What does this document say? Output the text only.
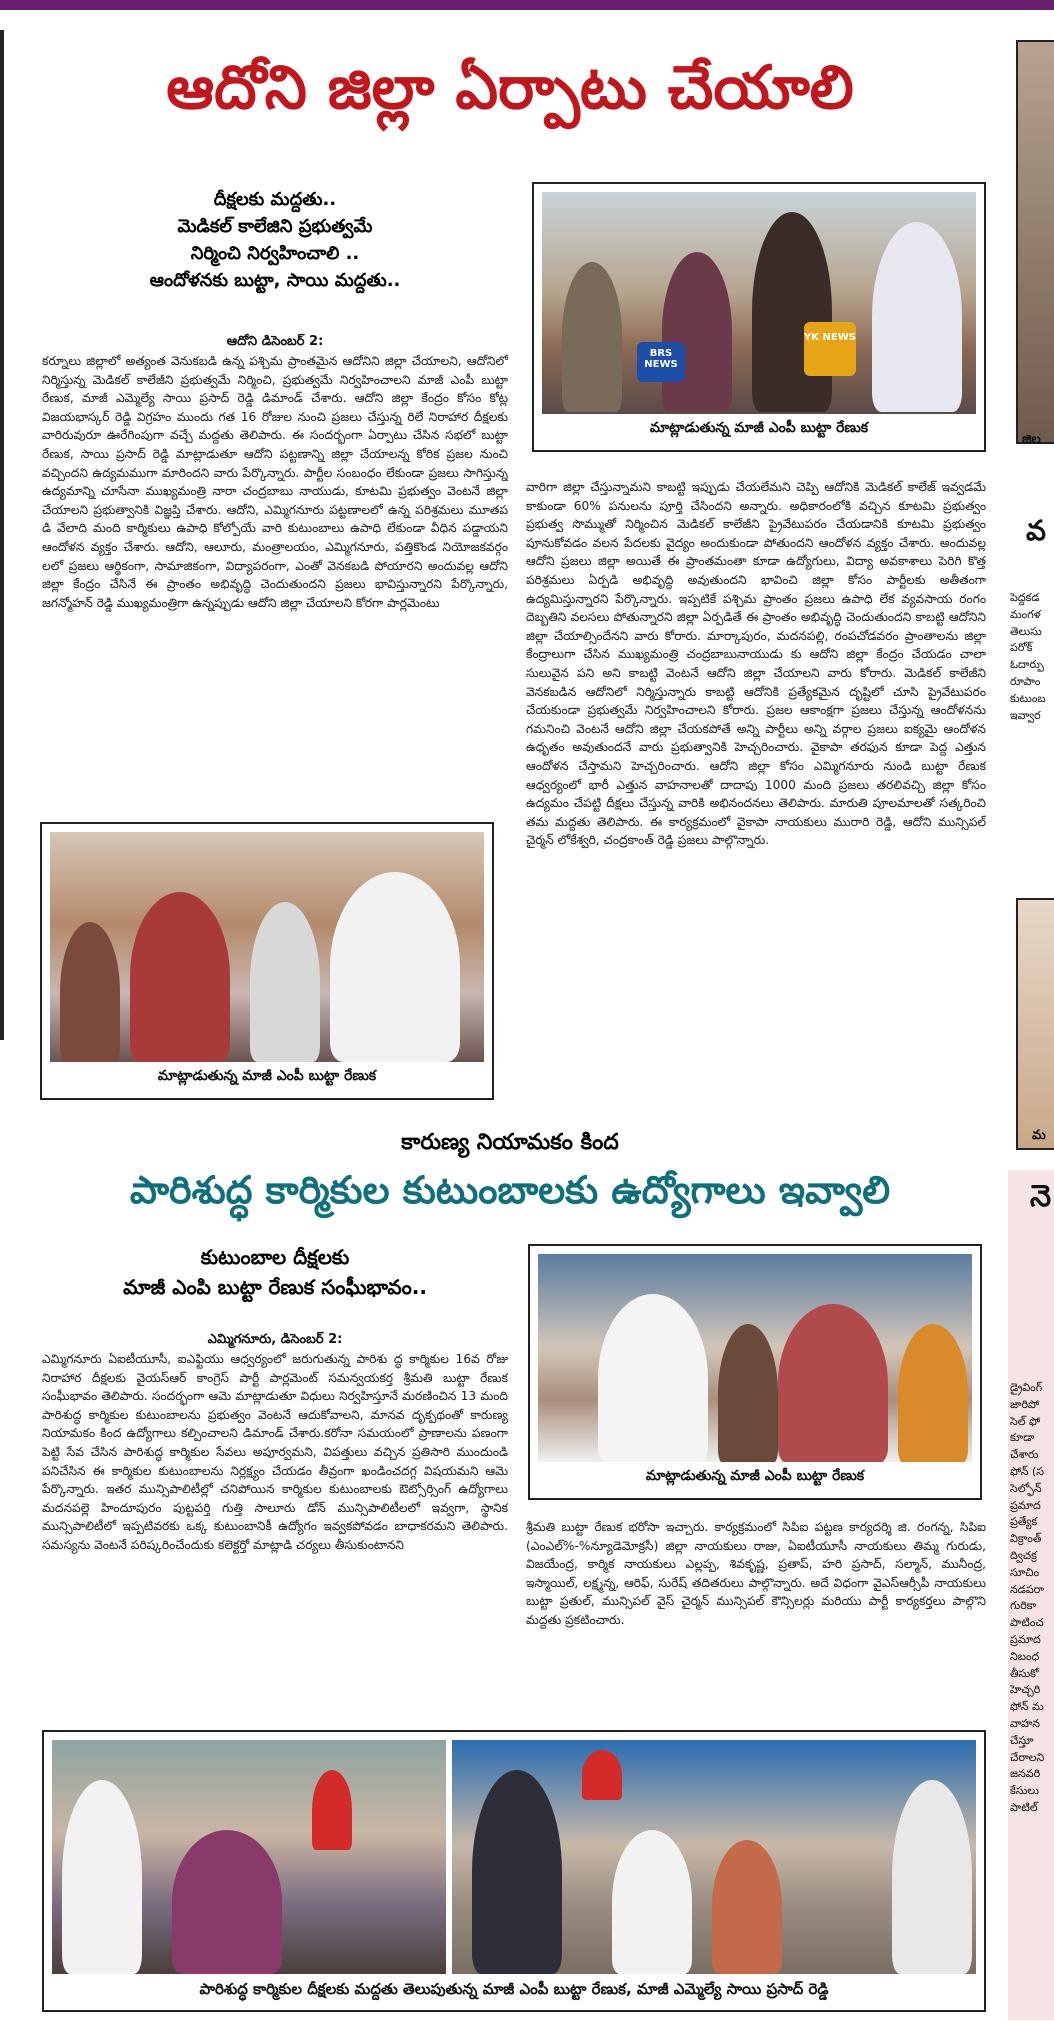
ఆదోని జిల్లా ఏర్పాటు చేయాలి
దీక్షలకు మద్దతు..
మెడికల్ కాలేజిని ప్రభుత్వమే
నిర్మించి నిర్వహించాలి ..
ఆందోళనకు బుట్టా, సాయి మద్దతు..
ఆదోని డిసెంబర్ 2:
కర్నూలు జిల్లాలో అత్యంత వెనుకబడి ఉన్న పశ్చిమ ప్రాంతమైన ఆదోనిని జిల్లా చేయాలని, ఆదోనిలో నిర్మిస్తున్న మెడికల్ కాలేజీని ప్రభుత్వమే నిర్మించి, ప్రభుత్వమే నిర్వహించాలని మాజీ ఎంపీ బుట్టా రేణుక, మాజీ ఎమ్మెల్యే సాయి ప్రసాద్ రెడ్డి డిమాండ్ చేశారు. ఆదోని జిల్లా కేంద్రం కోసం కోట్ల విజయభాస్కర్ రెడ్డి విగ్రహం ముందు గత 16 రోజుల నుంచి ప్రజలు చేస్తున్న రిలే నిరాహార దీక్షలకు వారిరువురూ ఊరేగింపుగా వచ్చే మద్దతు తెలిపారు. ఈ సందర్భంగా ఏర్పాటు చేసిన సభలో బుట్టా రేణుక, సాయి ప్రసాద్ రెడ్డి మాట్లాడుతూ ఆదోని పట్టణాన్ని జిల్లా చేయాలన్న కోరిక ప్రజల నుంచి వచ్చిందని ఉద్యమముగా మారిందని వారు పేర్కొన్నారు. పార్టీల సంబంధం లేకుండా ప్రజలు సాగిస్తున్న ఉద్యమాన్ని చూసేనా ముఖ్యమంత్రి నారా చంద్రబాబు నాయుడు, కూటమి ప్రభుత్వం వెంటనే జిల్లా చేయాలని ప్రభుత్వానికి విజ్ఞప్తి చేశారు. ఆదోని, ఎమ్మిగనూరు పట్టణాలలో ఉన్న పరిశ్రమలు మూతప డి వేలాది మంది కార్మికులు ఉపాధి కోల్పోయే వారి కుటుంబాలు ఉపాధి లేకుండా వీధిన పడ్డాయని ఆందోళన వ్యక్తం చేశారు. ఆదోని, ఆలూరు, మంత్రాలయం, ఎమ్మిగనూరు, పత్తికొండ నియోజకవర్గం లలో ప్రజలు ఆర్థికంగా, సామాజికంగా, విద్యాపరంగా, ఎంతో వెనకబడి పోయారని అందువల్ల ఆదోని జిల్లా కేంద్రం చేసినే ఈ ప్రాంతం అభివృద్ధి చెందుతుందని ప్రజలు భావిస్తున్నారని పేర్కొన్నారు, జగన్మోహన్ రెడ్డి ముఖ్యమంత్రిగా ఉన్నప్పుడు ఆదోని జిల్లా చేయాలని కోరగా పార్లమెంటు
BRS NEWS
YK NEWS
మాట్లాడుతున్న మాజీ ఎంపీ బుట్టా రేణుక
వారిగా జిల్లా చేస్తున్నామని కాబట్టి ఇప్పుడు చేయలేమని చెప్పి ఆదోనికి మెడికల్ కాలేజ్ ఇవ్వడమే కాకుండా 60% పనులను పూర్తి చేసిందని అన్నారు. అధికారంలోకి వచ్చిన కూటమి ప్రభుత్వం ప్రభుత్వ సొమ్ముతో నిర్మించిన మెడికల్ కాలేజీని ప్రైవేటుపరం చేయడానికి కూటమి ప్రభుత్వం పూనుకోవడం వలన పేదలకు వైద్యం అందుకుండా పోతుందని ఆందోళన వ్యక్తం చేశారు. అందువల్ల ఆదోని ప్రజలు జిల్లా అయితే ఈ ప్రాంతమంతా కూడా ఉద్యోగులు, విద్యా అవకాశాలు పెరిగి కొత్త పరిశ్రమలు ఏర్పడి అభివృద్ధి అవుతుందని భావించి జిల్లా కోసం పార్టీలకు అతీతంగా ఉద్యమిస్తున్నారని పేర్కొన్నారు. ఇప్పటికే పశ్చిమ ప్రాంతం ప్రజలు ఉపాధి లేక వ్యవసాయ రంగం దెబ్బతిని వలసలు పోతున్నారని జిల్లా ఏర్పడితే ఈ ప్రాంతం అభివృద్ధి చెందుతుందని కాబట్టి ఆదోనిని జిల్లా చేయాల్సిందేనని వారు కోరారు. మార్కాపురం, మదనపల్లి, రంపచోడవరం ప్రాంతాలను జిల్లా కేంద్రాలుగా చేసిన ముఖ్యమంత్రి చంద్రబాబునాయుడు కు ఆదోని జిల్లా కేంద్రం చేయడం చాలా సులువైన పని అని కాబట్టి వెంటనే ఆదోని జిల్లా చేయాలని వారు కోరారు. మెడికల్ కాలేజీని వెనకబడిన ఆదోనిలో నిర్మిస్తున్నారు కాబట్టి ఆదోనికి ప్రత్యేకమైన దృష్టిలో చూసి ప్రైవేటుపరం చేయకుండా ప్రభుత్వమే నిర్వహించాలని కోరారు. ప్రజల ఆకాంక్షగా ప్రజలు చేస్తున్న ఆందోళనను గమనించి వెంటనే ఆదోని జిల్లా చేయకపోతే అన్ని పార్టీలు అన్ని వర్గాల ప్రజలు ఐక్యమై ఆందోళన ఉధృతం అవుతుందనే వారు ప్రభుత్వానికి హెచ్చరించారు. వైకాపా తరఫున కూడా పెద్ద ఎత్తున ఆందోళన చేస్తామని హెచ్చరించారు. ఆదోని జిల్లా కోసం ఎమ్మిగనూరు నుండి బుట్టా రేణుక ఆధ్వర్యంలో భారీ ఎత్తున వాహనాలతో దాదాపు 1000 మంది ప్రజలు తరలివచ్చి జిల్లా కోసం ఉద్యమం చేపట్టి దీక్షలు చేస్తున్న వారికి అభినందనలు తెలిపారు. మారుతి పూలమాలతో సత్కరించి తమ మద్దతు తెలిపారు. ఈ కార్యక్రమంలో వైకాపా నాయకులు మురారి రెడ్డి, ఆదోని మున్సిపల్ చైర్మన్ లోకేశ్వరి, చంద్రకాంత్ రెడ్డి ప్రజలు పాల్గొన్నారు.
మాట్లాడుతున్న మాజీ ఎంపీ బుట్టా రేణుక
కారుణ్య నియామకం కింద
పారిశుద్ధ కార్మికుల కుటుంబాలకు ఉద్యోగాలు ఇవ్వాలి
కుటుంబాల దీక్షలకు
మాజీ ఎంపి బుట్టా రేణుక సంఘీభావం..
ఎమ్మిగనూరు, డిసెంబర్ 2:
ఎమ్మిగనూరు ఏఐటీయూసీ, ఐఎఫ్టియు ఆధ్వర్యంలో జరుగుతున్న పారిశు ద్ధ కార్మికుల 16వ రోజు నిరాహార దీక్షలకు వైయస్ఆర్ కాంగ్రెస్ పార్టీ పార్లమెంట్ సమన్వయకర్త శ్రీమతి బుట్టా రేణుక సంఘీభావం తెలిపారు. సందర్భంగా ఆమె మాట్లాడుతూ విధులు నిర్వహిస్తూనే మరణించిన 13 మంది పారిశుద్ధ కార్మికుల కుటుంబాలను ప్రభుత్వం వెంటనే ఆదుకోవాలని, మానవ దృక్పథంతో కారుణ్య నియామకం కింద ఉద్యోగాలు కల్పించాలని డిమాండ్ చేశారు.కరోనా సమయంలో ప్రాణాలను పణంగా పెట్టి సేవ చేసిన పారిశుద్ధ కార్మికుల సేవలు అపూర్వమని, విపత్తులు వచ్చిన ప్రతిసారి ముందుండి పనిచేసిన ఈ కార్మికుల కుటుంబాలను నిర్లక్ష్యం చేయడం తీవ్రంగా ఖండించదగ్గ విషయమని ఆమె పేర్కొన్నారు. ఇతర మున్సిపాలిటీల్లో చనిపోయిన కార్మికుల కుటుంబాలకు ఔట్సోర్సింగ్ ఉద్యోగాలు మదనపల్లె హిందూపురం పుట్టపర్తి గుత్తి సాలూరు డోన్ మున్సిపాలిటీలలో ఇవ్వగా, స్థానిక మున్సిపాలిటీలో ఇప్పటివరకు ఒక్క కుటుంబానికీ ఉద్యోగం ఇవ్వకపోవడం బాధాకరమని తెలిపారు. సమస్యను వెంటనే పరిష్కరించేందుకు కలెక్టర్తో మాట్లాడి చర్యలు తీసుకుంటానని
మాట్లాడుతున్న మాజీ ఎంపీ బుట్టా రేణుక
శ్రీమతి బుట్టా రేణుక భరోసా ఇచ్చారు. కార్యక్రమంలో సిపిఐ పట్టణ కార్యదర్శి జి. రంగన్న, సిపిఐ (ఎంఎల్%-%న్యూడెమోక్రసీ) జిల్లా నాయకులు రాజు, ఏఐటీయూసీ నాయకులు తిమ్మ గురుడు, విజయేంద్ర, కార్మిక నాయకులు ఎల్లప్ప, శివకృష్ణ, ప్రతాప్, హరి ప్రసాద్, సల్మాన్, మునీంద్ర, ఇస్మాయిల్, లక్ష్మన్న, ఆరిఫ్, సురేష్ తదితరులు పాల్గొన్నారు. అదే విధంగా వైఎస్ఆర్సీపీ నాయకులు బుట్టా ప్రతుల్, మున్సిపల్ వైస్ చైర్మన్ మున్సిపల్ కౌన్సిలర్లు మరియు పార్టీ కార్యకర్తలు పాల్గొని మద్దతు ప్రకటించారు.
పారిశుద్ధ కార్మికుల దీక్షలకు మద్దతు తెలుపుతున్న మాజీ ఎంపీ బుట్టా రేణుక, మాజీ ఎమ్మెల్యే సాయి ప్రసాద్ రెడ్డి
జిల
వ
పెద్దకడ
మంగళ
తెలుసు
పరోక్
ఓదార్పు
రూపాం
కుటుంబ
ఇవ్వార
మ
నె
డ్రైవింగ్
జారిపో
సెల్ ఫో
కూడా
చేశారు
ఫోన్ (స
సెల్ఫోన్
ప్రమాద
ప్రత్యేక
విక్రాంత్
ద్విచక్ర
సూచిం
నడపరా
గురికా
పాటించ
ప్రమాద
నిబంధ
తీసుకో
హెచ్చరి
ఫోన్ మ
వాహన
చేస్తూ
చేరాలని
జనవరి
కేసులు
పాటిల్
